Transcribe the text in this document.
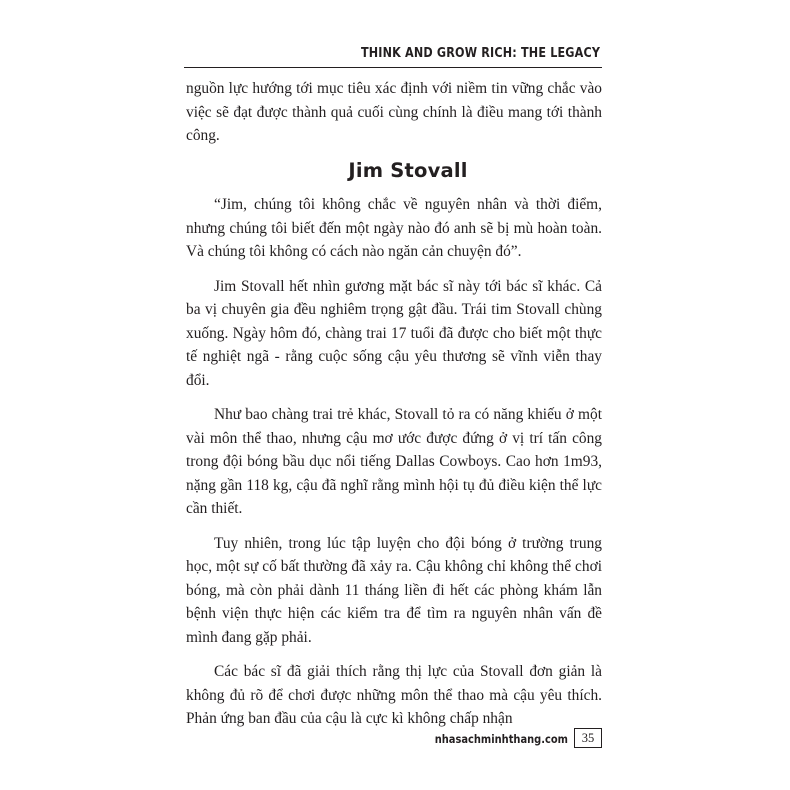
THINK AND GROW RICH: THE LEGACY

nguồn lực hướng tới mục tiêu xác định với niềm tin vững chắc vào việc sẽ đạt được thành quả cuối cùng chính là điều mang tới thành công.

Jim Stovall

“Jim, chúng tôi không chắc về nguyên nhân và thời điểm, nhưng chúng tôi biết đến một ngày nào đó anh sẽ bị mù hoàn toàn. Và chúng tôi không có cách nào ngăn cản chuyện đó”.

Jim Stovall hết nhìn gương mặt bác sĩ này tới bác sĩ khác. Cả ba vị chuyên gia đều nghiêm trọng gật đầu. Trái tim Stovall chùng xuống. Ngày hôm đó, chàng trai 17 tuổi đã được cho biết một thực tế nghiệt ngã - rằng cuộc sống cậu yêu thương sẽ vĩnh viễn thay đổi.

Như bao chàng trai trẻ khác, Stovall tỏ ra có năng khiếu ở một vài môn thể thao, nhưng cậu mơ ước được đứng ở vị trí tấn công trong đội bóng bầu dục nổi tiếng Dallas Cowboys. Cao hơn 1m93, nặng gần 118 kg, cậu đã nghĩ rằng mình hội tụ đủ điều kiện thể lực cần thiết.

Tuy nhiên, trong lúc tập luyện cho đội bóng ở trường trung học, một sự cố bất thường đã xảy ra. Cậu không chỉ không thể chơi bóng, mà còn phải dành 11 tháng liền đi hết các phòng khám lẫn bệnh viện thực hiện các kiểm tra để tìm ra nguyên nhân vấn đề mình đang gặp phải.

Các bác sĩ đã giải thích rằng thị lực của Stovall đơn giản là không đủ rõ để chơi được những môn thể thao mà cậu yêu thích. Phản ứng ban đầu của cậu là cực kì không chấp nhận

nhasachminhthang.com 35
